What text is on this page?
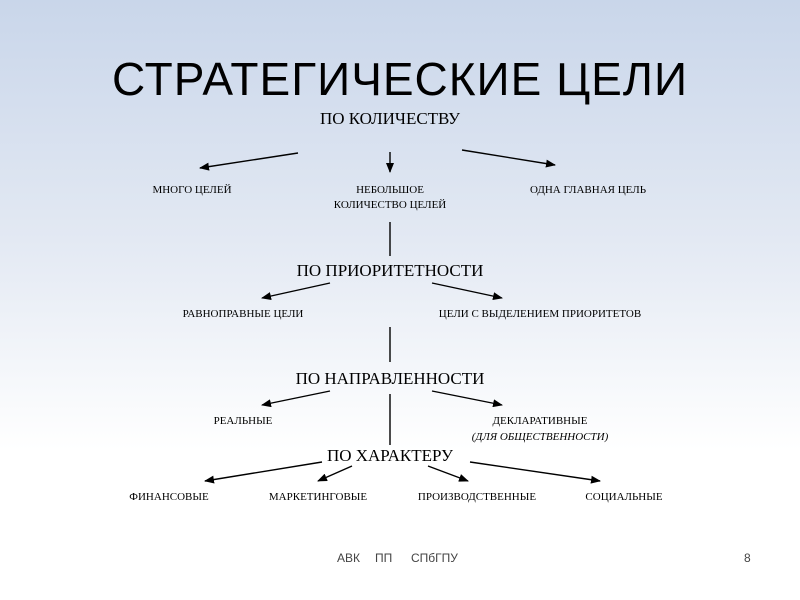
СТРАТЕГИЧЕСКИЕ ЦЕЛИ
ПО КОЛИЧЕСТВУ
МНОГО ЦЕЛЕЙ	НЕБОЛЬШОЕ
КОЛИЧЕСТВО ЦЕЛЕЙ
ОДНА ГЛАВНАЯ ЦЕЛЬ
ПО ПРИОРИТЕТНОСТИ
РАВНОПРАВНЫЕ ЦЕЛИ	ЦЕЛИ С ВЫДЕЛЕНИЕМ ПРИОРИТЕТОВ
ПО НАПРАВЛЕННОСТИ
РЕАЛЬНЫЕ	ДЕКЛАРАТИВНЫЕ
(ДЛЯ ОБЩЕСТВЕННОСТИ)
ПО ХАРАКТЕРУ
ФИНАНСОВЫЕ	МАРКЕТИНГОВЫЕ	ПРОИЗВОДСТВЕННЫЕ	СОЦИАЛЬНЫЕ
АВК ПП СПбГПУ	8
